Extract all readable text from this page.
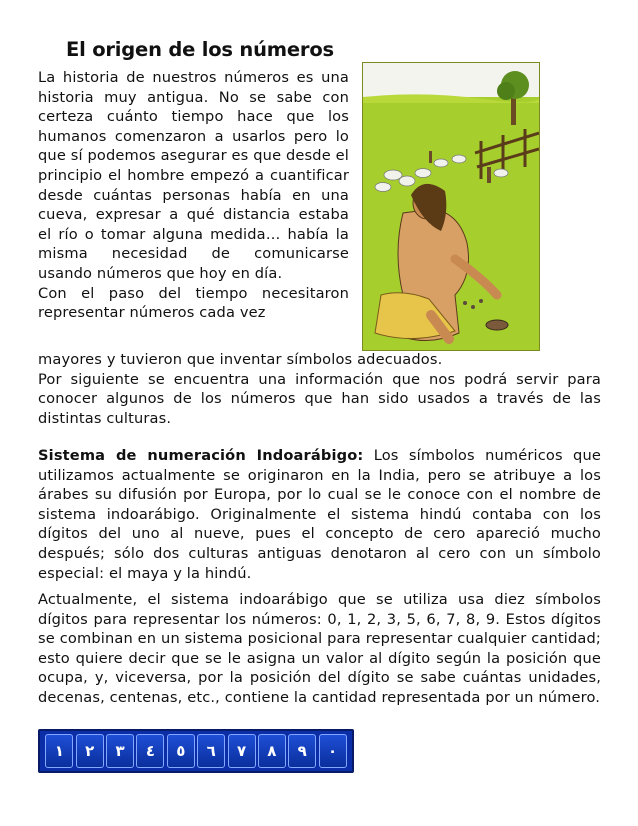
El origen de los números

La historia de nuestros números es una historia muy antigua. No se sabe con certeza cuánto tiempo hace que los humanos comenzaron a usarlos pero lo que sí podemos asegurar es que desde el principio el hombre empezó a cuantificar desde cuántas personas había en una cueva, expresar a qué distancia estaba el río o tomar alguna medida… había la misma necesidad de comunicarse usando números que hoy en día.
Con el paso del tiempo necesitaron representar números cada vez

mayores y tuvieron que inventar símbolos adecuados.
Por siguiente se encuentra una información que nos podrá servir para conocer algunos de los números que han sido usados a través de las distintas culturas.

Sistema de numeración Indoarábigo: Los símbolos numéricos que utilizamos actualmente se originaron en la India, pero se atribuye a los árabes su difusión por Europa, por lo cual se le conoce con el nombre de sistema indoarábigo. Originalmente el sistema hindú contaba con los dígitos del uno al nueve, pues el concepto de cero apareció mucho después; sólo dos culturas antiguas denotaron al cero con un símbolo especial: el maya y la hindú.

Actualmente, el sistema indoarábigo que se utiliza usa diez símbolos dígitos para representar los números: 0, 1, 2, 3, 5, 6, 7, 8, 9. Estos dígitos se combinan en un sistema posicional para representar cualquier cantidad; esto quiere decir que se le asigna un valor al dígito según la posición que ocupa, y, viceversa, por la posición del dígito se sabe cuántas unidades, decenas, centenas, etc., contiene la cantidad representada por un número.

١	٢	٣	٤	٥	٦	٧	٨	٩	٠
